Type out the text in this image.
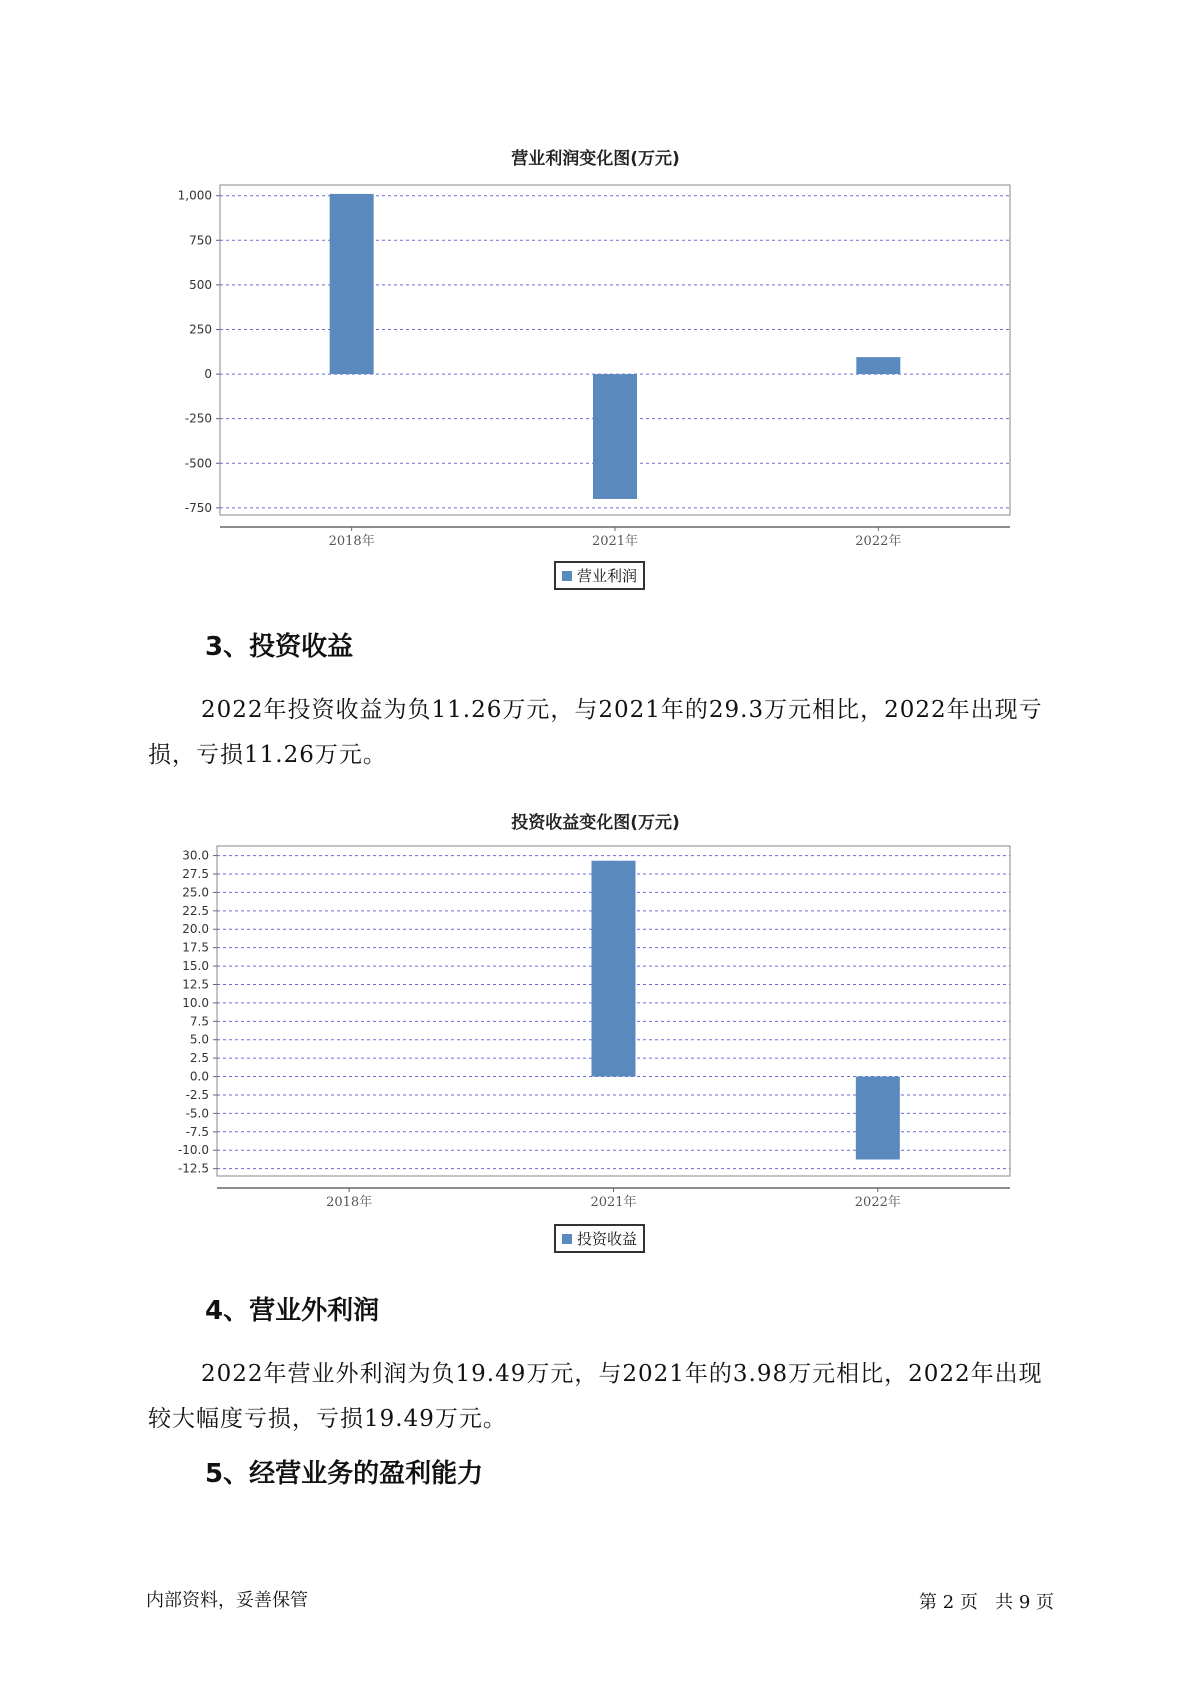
营业利润变化图(万元)
1,000
750
500
250
0
-250
-500
-750
2018年	2021年	2022年
营业利润
3、投资收益

2022年投资收益为负11.26万元，与2021年的29.3万元相比，2022年出现亏损，亏损11.26万元。

投资收益变化图(万元)
30.0
27.5
25.0
22.5
20.0
17.5
15.0
12.5
10.0
7.5
5.0
2.5
0.0
-2.5
-5.0
-7.5
-10.0
-12.5
2018年	2021年	2022年
投资收益
4、营业外利润

2022年营业外利润为负19.49万元，与2021年的3.98万元相比，2022年出现较大幅度亏损，亏损19.49万元。

5、经营业务的盈利能力
内部资料，妥善保管	第 2 页   共 9 页
